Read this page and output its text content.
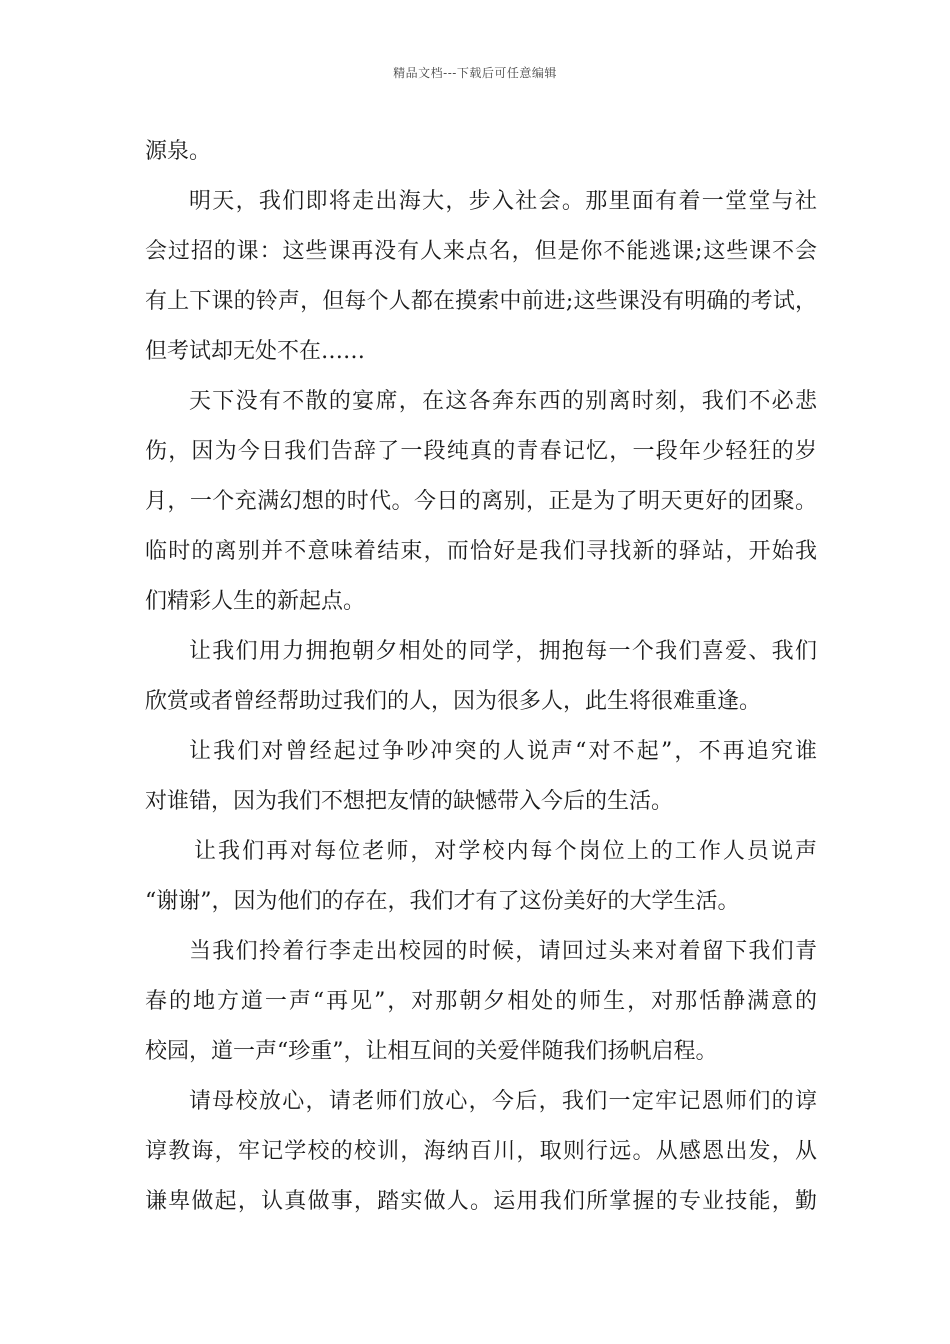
精品文档---下载后可任意编辑
源泉。
明天，我们即将走出海大，步入社会。那里面有着一堂堂与社
会过招的课：这些课再没有人来点名，但是你不能逃课;这些课不会
有上下课的铃声，但每个人都在摸索中前进;这些课没有明确的考试，
但考试却无处不在……
天下没有不散的宴席，在这各奔东西的别离时刻，我们不必悲
伤，因为今日我们告辞了一段纯真的青春记忆，一段年少轻狂的岁
月，一个充满幻想的时代。今日的离别，正是为了明天更好的团聚。
临时的离别并不意味着结束，而恰好是我们寻找新的驿站，开始我
们精彩人生的新起点。
让我们用力拥抱朝夕相处的同学，拥抱每一个我们喜爱、我们
欣赏或者曾经帮助过我们的人，因为很多人，此生将很难重逢。
让我们对曾经起过争吵冲突的人说声“对不起”，不再追究谁
对谁错，因为我们不想把友情的缺憾带入今后的生活。
让我们再对每位老师，对学校内每个岗位上的工作人员说声
“谢谢”，因为他们的存在，我们才有了这份美好的大学生活。
当我们拎着行李走出校园的时候，请回过头来对着留下我们青
春的地方道一声“再见”，对那朝夕相处的师生，对那恬静满意的
校园，道一声“珍重”，让相互间的关爱伴随我们扬帆启程。
请母校放心，请老师们放心，今后，我们一定牢记恩师们的谆
谆教诲，牢记学校的校训，海纳百川，取则行远。从感恩出发，从
谦卑做起，认真做事，踏实做人。运用我们所掌握的专业技能，勤
